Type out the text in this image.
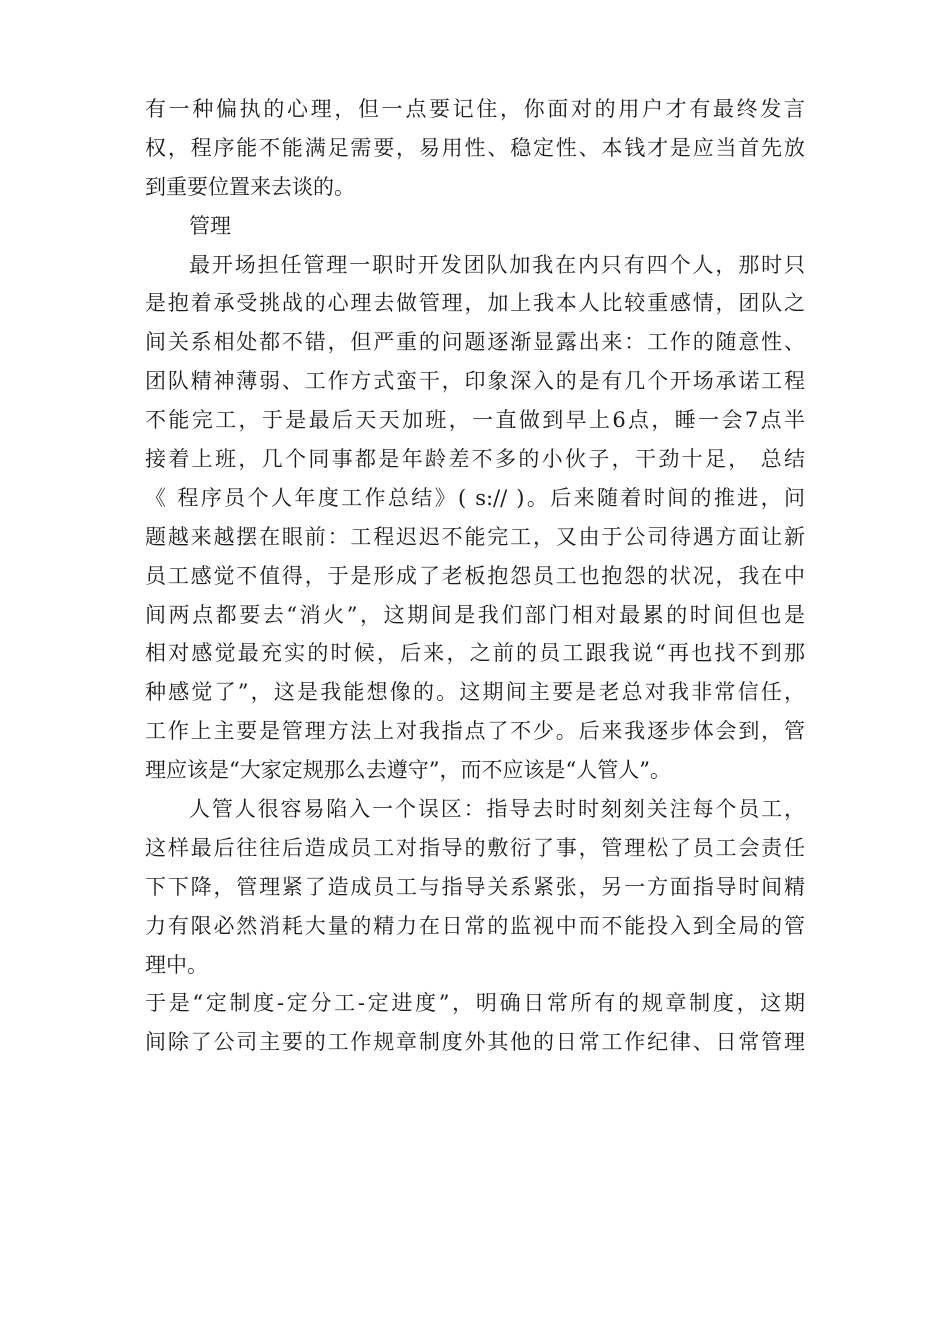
有一种偏执的心理，但一点要记住，你面对的用户才有最终发言
权，程序能不能满足需要，易用性、稳定性、本钱才是应当首先放
到重要位置来去谈的。
管理
最开场担任管理一职时开发团队加我在内只有四个人，那时只
是抱着承受挑战的心理去做管理，加上我本人比较重感情，团队之
间关系相处都不错，但严重的问题逐渐显露出来：工作的随意性、
团队精神薄弱、工作方式蛮干，印象深入的是有几个开场承诺工程
不能完工，于是最后天天加班，一直做到早上6点，睡一会7点半
接着上班，几个同事都是年龄差不多的小伙子，干劲十足， 总结
《 程序员个人年度工作总结》( s:// )。后来随着时间的推进，问
题越来越摆在眼前：工程迟迟不能完工，又由于公司待遇方面让新
员工感觉不值得，于是形成了老板抱怨员工也抱怨的状况，我在中
间两点都要去“消火”，这期间是我们部门相对最累的时间但也是
相对感觉最充实的时候，后来，之前的员工跟我说“再也找不到那
种感觉了”，这是我能想像的。这期间主要是老总对我非常信任，
工作上主要是管理方法上对我指点了不少。后来我逐步体会到，管
理应该是“大家定规那么去遵守”，而不应该是“人管人”。
人管人很容易陷入一个误区：指导去时时刻刻关注每个员工，
这样最后往往后造成员工对指导的敷衍了事，管理松了员工会责任
下下降，管理紧了造成员工与指导关系紧张，另一方面指导时间精
力有限必然消耗大量的精力在日常的监视中而不能投入到全局的管
理中。
于是“定制度-定分工-定进度”，明确日常所有的规章制度，这期
间除了公司主要的工作规章制度外其他的日常工作纪律、日常管理
